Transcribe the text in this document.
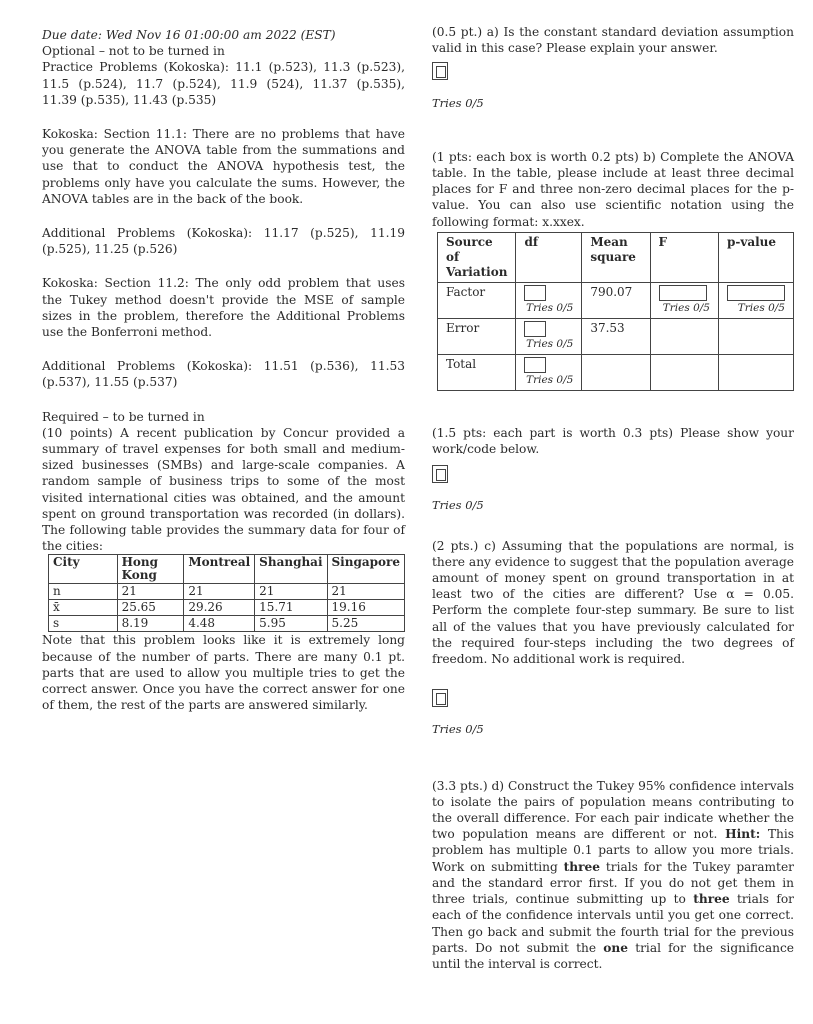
Due date: Wed Nov 16 01:00:00 am 2022 (EST)

Optional – not to be turned in

Practice Problems (Kokoska): 11.1 (p.523), 11.3 (p.523), 11.5 (p.524), 11.7 (p.524), 11.9 (524), 11.37 (p.535), 11.39 (p.535), 11.43 (p.535)

Kokoska: Section 11.1: There are no problems that have you generate the ANOVA table from the summations and use that to conduct the ANOVA hypothesis test, the problems only have you calculate the sums. However, the ANOVA tables are in the back of the book.

Additional Problems (Kokoska): 11.17 (p.525), 11.19 (p.525), 11.25 (p.526)

Kokoska: Section 11.2: The only odd problem that uses the Tukey method doesn't provide the MSE of sample sizes in the problem, therefore the Additional Problems use the Bonferroni method.

Additional Problems (Kokoska): 11.51 (p.536), 11.53 (p.537), 11.55 (p.537)

Required – to be turned in

(10 points) A recent publication by Concur provided a summary of travel expenses for both small and medium-sized businesses (SMBs) and large-scale companies. A random sample of business trips to some of the most visited international cities was obtained, and the amount spent on ground transportation was recorded (in dollars). The following table provides the summary data for four of the cities:

City	Hong Kong	Montreal	Shanghai	Singapore
n	21	21	21	21
x̄	25.65	29.26	15.71	19.16
s	8.19	4.48	5.95	5.25

Note that this problem looks like it is extremely long because of the number of parts. There are many 0.1 pt. parts that are used to allow you multiple tries to get the correct answer. Once you have the correct answer for one of them, the rest of the parts are answered similarly.

(0.5 pt.) a) Is the constant standard deviation assumption valid in this case? Please explain your answer.

Tries 0/5

(1 pts: each box is worth 0.2 pts) b) Complete the ANOVA table. In the table, please include at least three decimal places for F and three non-zero decimal places for the p-value. You can also use scientific notation using the following format: x.xxex.

Source of Variation	df	Mean square	F	p-value
Factor	Tries 0/5	790.07	Tries 0/5	Tries 0/5

Error	Tries 0/5	37.53		
Total	Tries 0/5			

(1.5 pts: each part is worth 0.3 pts) Please show your work/code below.

Tries 0/5

(2 pts.) c) Assuming that the populations are normal, is there any evidence to suggest that the population average amount of money spent on ground transportation in at least two of the cities are different? Use α = 0.05. Perform the complete four-step summary. Be sure to list all of the values that you have previously calculated for the required four-steps including the two degrees of freedom. No additional work is required.

Tries 0/5

(3.3 pts.) d) Construct the Tukey 95% confidence intervals to isolate the pairs of population means contributing to the overall difference. For each pair indicate whether the two population means are different or not. Hint: This problem has multiple 0.1 parts to allow you more trials. Work on submitting three trials for the Tukey paramter and the standard error first. If you do not get them in three trials, continue submitting up to three trials for each of the confidence intervals until you get one correct. Then go back and submit the fourth trial for the previous parts. Do not submit the one trial for the significance until the interval is correct.
